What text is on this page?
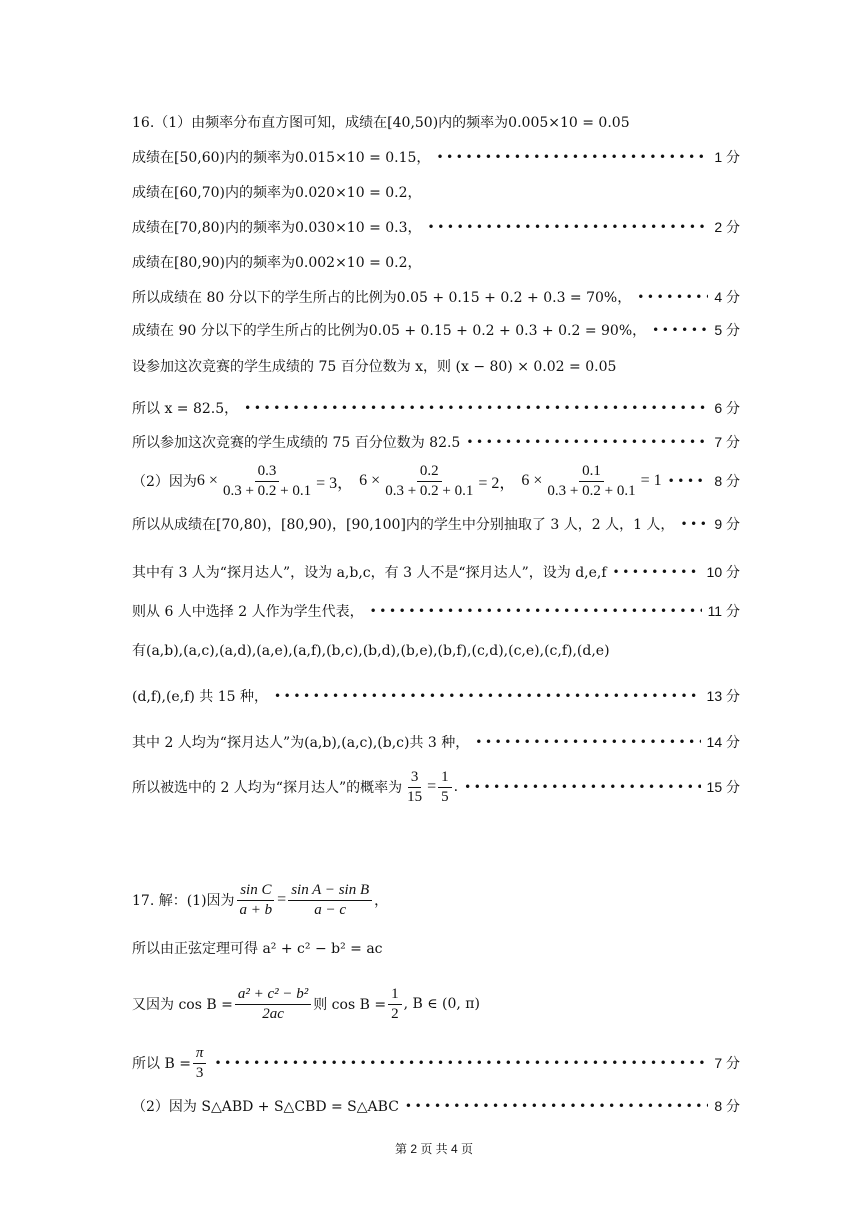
16.（1）由频率分布直方图可知，成绩在[40,50)内的频率为0.005×10 = 0.05
成绩在[50,60)内的频率为0.015×10 = 0.15， •••••	1 分
成绩在[60,70)内的频率为0.020×10 = 0.2，
成绩在[70,80)内的频率为0.030×10 = 0.3， •••••	2 分
成绩在[80,90)内的频率为0.002×10 = 0.2，
所以成绩在 80 分以下的学生所占的比例为0.05 + 0.15 + 0.2 + 0.3 = 70%， •••••	4 分
成绩在 90 分以下的学生所占的比例为0.05 + 0.15 + 0.2 + 0.3 + 0.2 = 90%， •••••	5 分
设参加这次竞赛的学生成绩的 75 百分位数为 x，则 (x − 80) × 0.02 = 0.05
所以 x = 82.5， •••••	6 分
所以参加这次竞赛的学生成绩的 75 百分位数为 82.5 •••••	7 分
（2）因为 $6 \times \frac{0.3}{0.3 + 0.2 + 0.1} = 3$， $6 \times \frac{0.2}{0.3 + 0.2 + 0.1} = 2$， $6 \times \frac{0.1}{0.3 + 0.2 + 0.1} = 1$ •••••	8 分
所以从成绩在[70,80)，[80,90)，[90,100]内的学生中分别抽取了 3 人，2 人，1 人， •••••	9 分
其中有 3 人为“探月达人”，设为 a,b,c，有 3 人不是“探月达人”，设为 d,e,f •••••	10 分
则从 6 人中选择 2 人作为学生代表， •••••	11 分
有(a,b),(a,c),(a,d),(a,e),(a,f),(b,c),(b,d),(b,e),(b,f),(c,d),(c,e),(c,f),(d,e)
(d,f),(e,f) 共 15 种， •••••	13 分
其中 2 人均为“探月达人”为(a,b),(a,c),(b,c)共 3 种， •••••	14 分
所以被选中的 2 人均为“探月达人”的概率为 $\frac{3}{15} = \frac{1}{5}$ . •••••	15 分
17. 解：(1)因为 $\frac{\text{sin C}}{a + b} = \frac{\text{sin A − sin B}}{a - c}$ ，
所以由正弦定理可得 a² + c² − b² = ac
又因为 $\cos B = \frac{\text{a² + c² − b²}}{2ac}$ 则 $\cos B = \frac{1}{2}$ , B ∈ (0, π)
所以 $B = \frac{\pi}{3}$ •••••	7 分
（2）因为 S△ABD + S△CBD = S△ABC •••••	8 分
第 2 页 共 4 页
